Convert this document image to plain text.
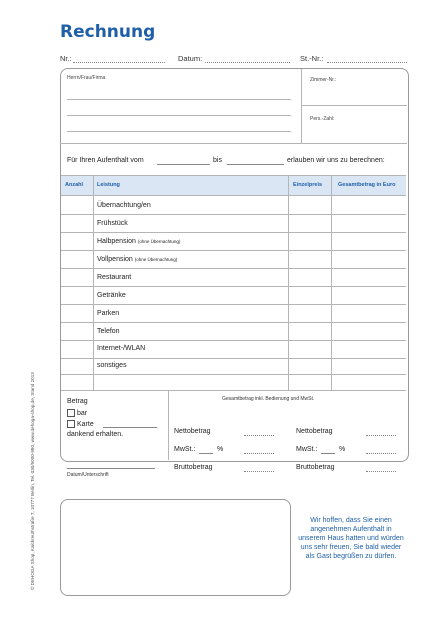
Rechnung
Nr.:	Datum:	St.-Nr.:
Herrn/Frau/Firma	Zimmer-Nr.:
Pers.-Zahl:
Für Ihren Aufenthalt vom	bis	erlauben wir uns zu berechnen:
Anzahl	Leistung	Einzelpreis	Gesamtbetrag in Euro
Übernachtung/en
Frühstück
Halbpension (ohne Übernachtung)
Vollpension (ohne Übernachtung)
Restaurant
Getränke
Parken
Telefon
Internet-/WLAN
sonstiges
Betrag
bar
Karte
dankend erhalten.
Datum/Unterschrift
Gesamtbetrag inkl. Bedienung und MwSt.
Nettobetrag
MwSt.:	%
Bruttobetrag
Nettobetrag
MwSt.:	%
Bruttobetrag
Wir hoffen, dass Sie einen angenehmen Aufenthalt in unserem Haus hatten und würden uns sehr freuen, Sie bald wieder als Gast begrüßen zu dürfen.
© DEHOGA Shop, Kalckreuthstraße 7, 10777 Berlin, Tel. 030/5000-980, www.dehoga-shop.de, Stand 2013
